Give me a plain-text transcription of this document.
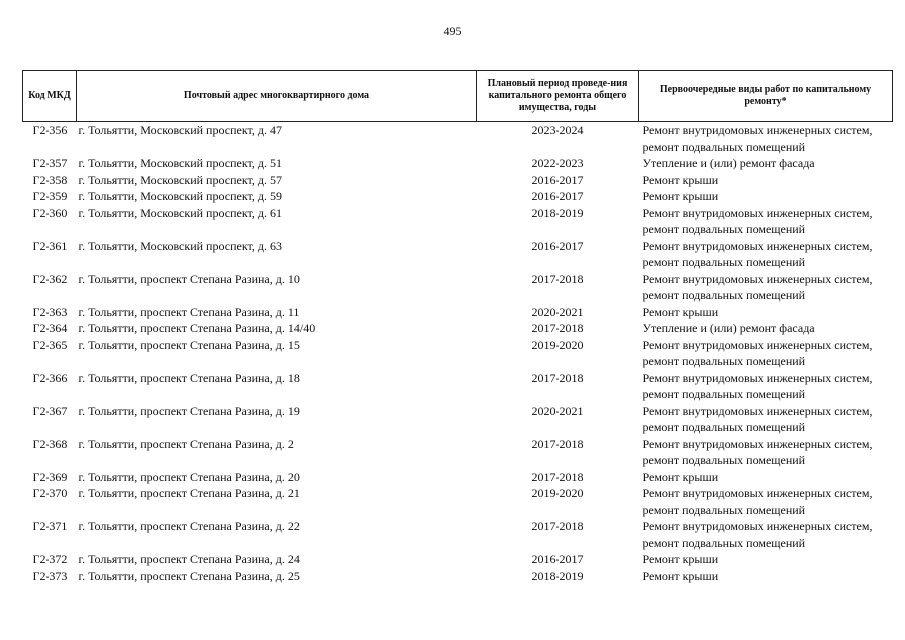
495
Код МКД	Почтовый адрес многоквартирного дома	Плановый период проведе-ния капитального ремонта общего имущества, годы	Первоочередные виды работ по капитальному ремонту*
Г2-356	г. Тольятти, Московский проспект, д. 47	2023-2024	Ремонт внутридомовых инженерных систем,
ремонт подвальных помещений

Г2-357	г. Тольятти, Московский проспект, д. 51	2022-2023	Утепление и (или) ремонт фасада

Г2-358	г. Тольятти, Московский проспект, д. 57	2016-2017	Ремонт крыши

Г2-359	г. Тольятти, Московский проспект, д. 59	2016-2017	Ремонт крыши

Г2-360	г. Тольятти, Московский проспект, д. 61	2018-2019	Ремонт внутридомовых инженерных систем,
ремонт подвальных помещений

Г2-361	г. Тольятти, Московский проспект, д. 63	2016-2017	Ремонт внутридомовых инженерных систем,
ремонт подвальных помещений

Г2-362	г. Тольятти, проспект Степана Разина, д. 10	2017-2018	Ремонт внутридомовых инженерных систем,
ремонт подвальных помещений

Г2-363	г. Тольятти, проспект Степана Разина, д. 11	2020-2021	Ремонт крыши

Г2-364	г. Тольятти, проспект Степана Разина, д. 14/40	2017-2018	Утепление и (или) ремонт фасада

Г2-365	г. Тольятти, проспект Степана Разина, д. 15	2019-2020	Ремонт внутридомовых инженерных систем,
ремонт подвальных помещений

Г2-366	г. Тольятти, проспект Степана Разина, д. 18	2017-2018	Ремонт внутридомовых инженерных систем,
ремонт подвальных помещений

Г2-367	г. Тольятти, проспект Степана Разина, д. 19	2020-2021	Ремонт внутридомовых инженерных систем,
ремонт подвальных помещений

Г2-368	г. Тольятти, проспект Степана Разина, д. 2	2017-2018	Ремонт внутридомовых инженерных систем,
ремонт подвальных помещений

Г2-369	г. Тольятти, проспект Степана Разина, д. 20	2017-2018	Ремонт крыши

Г2-370	г. Тольятти, проспект Степана Разина, д. 21	2019-2020	Ремонт внутридомовых инженерных систем,
ремонт подвальных помещений

Г2-371	г. Тольятти, проспект Степана Разина, д. 22	2017-2018	Ремонт внутридомовых инженерных систем,
ремонт подвальных помещений

Г2-372	г. Тольятти, проспект Степана Разина, д. 24	2016-2017	Ремонт крыши

Г2-373	г. Тольятти, проспект Степана Разина, д. 25	2018-2019	Ремонт крыши
